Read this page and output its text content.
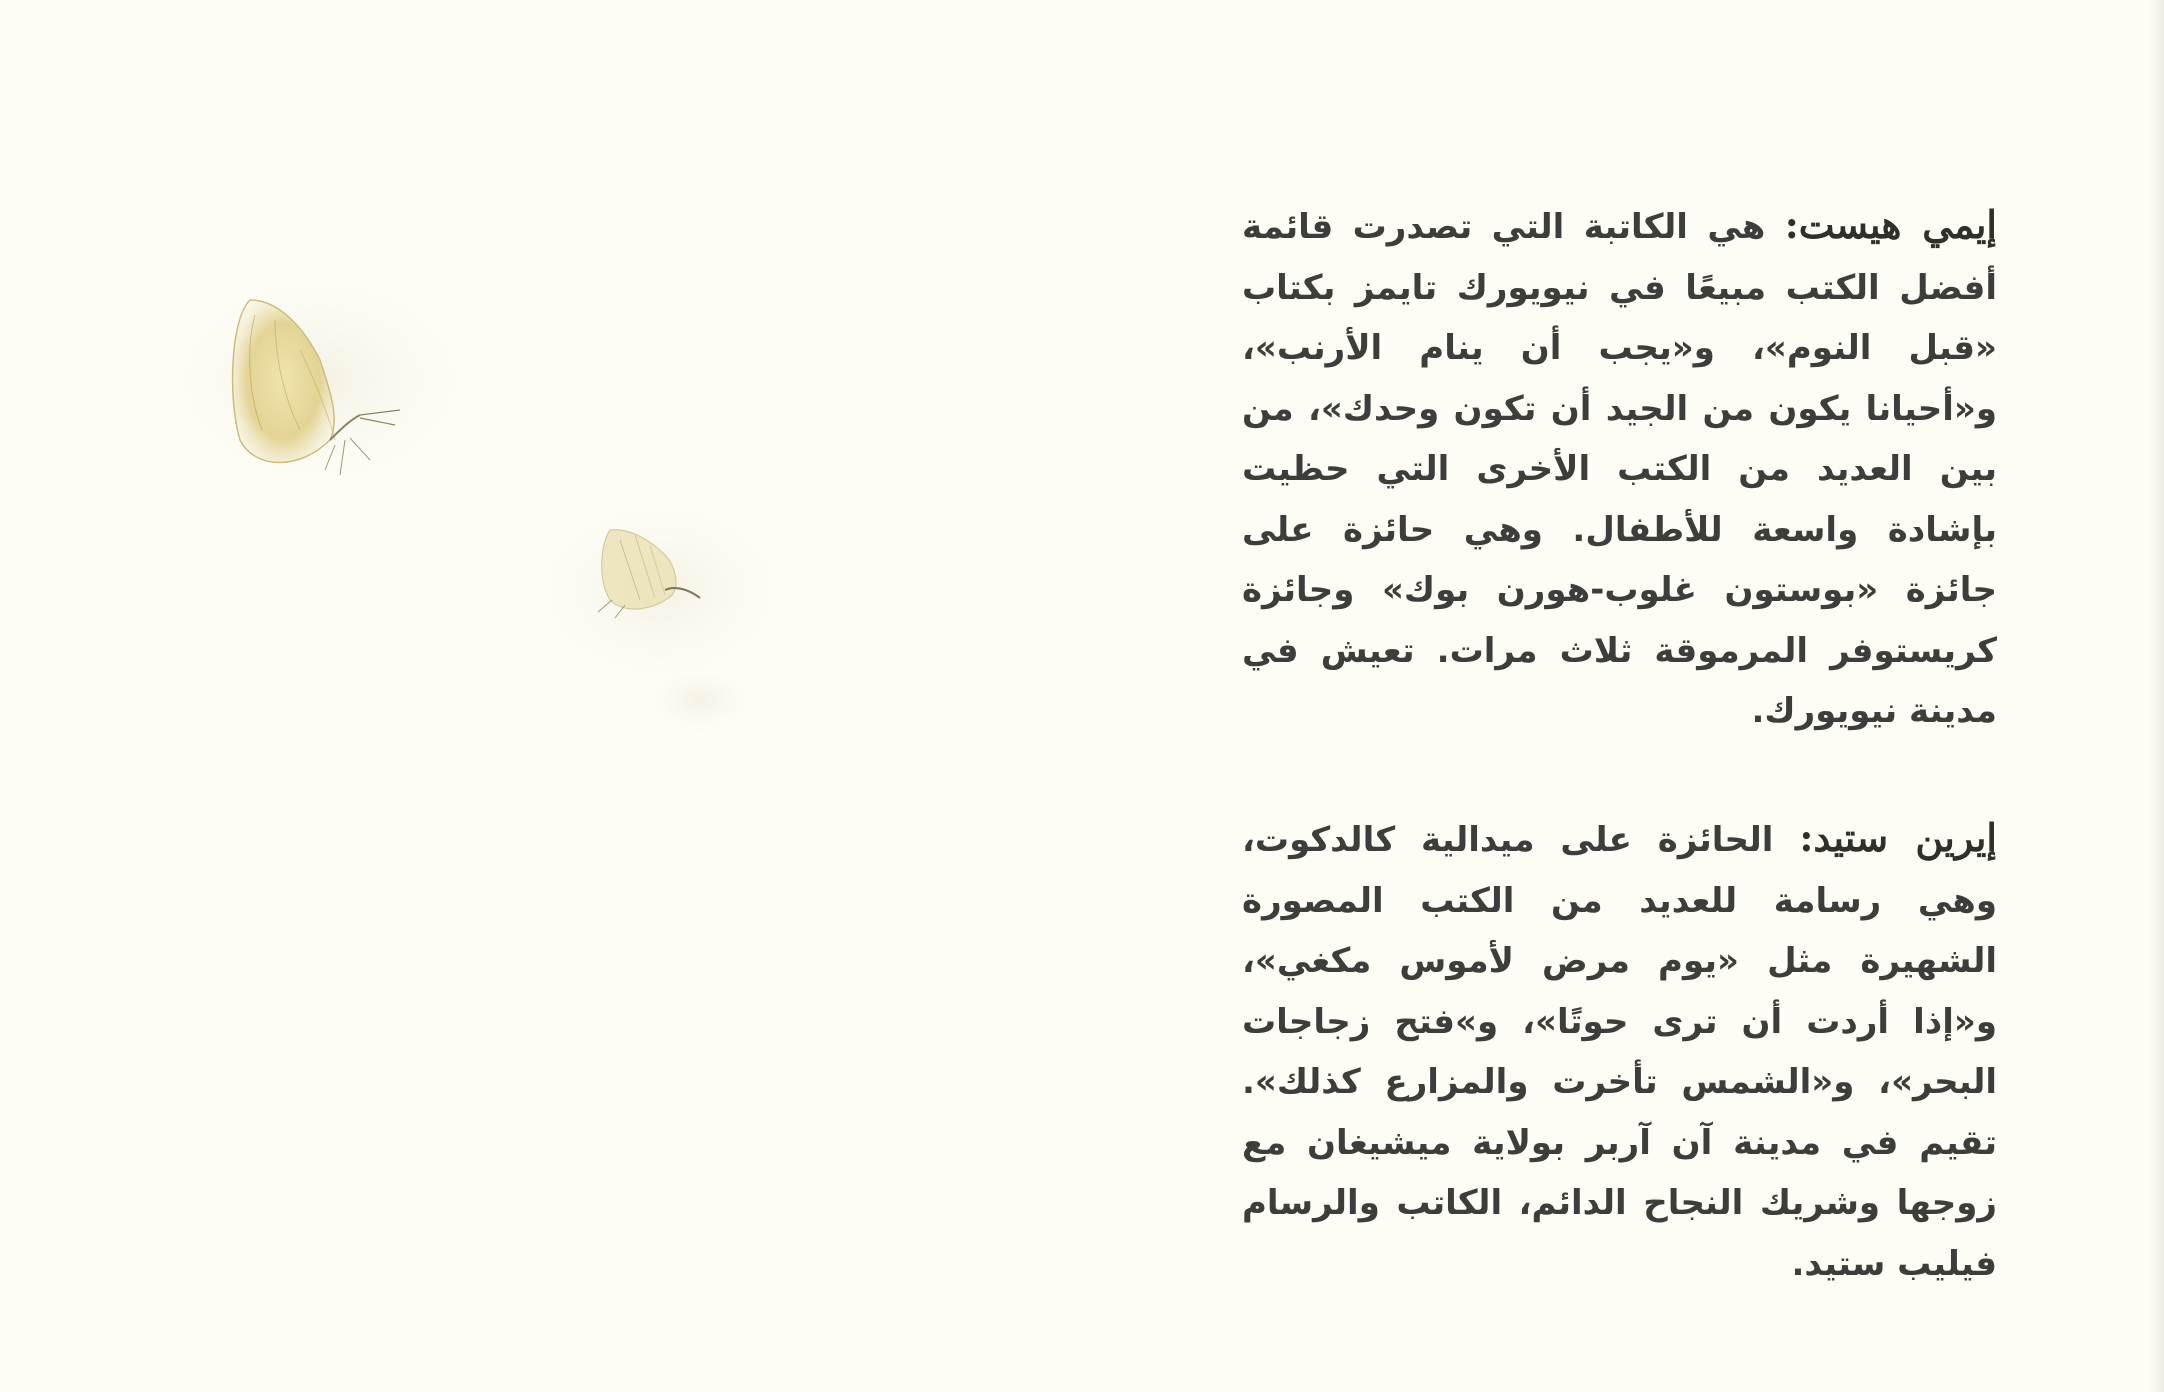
إيمي هيست: هي الكاتبة التي تصدرت قائمة أفضل الكتب مبيعًا في نيويورك تايمز بكتاب «قبل النوم»، و«يجب أن ينام الأرنب»، و«أحيانا يكون من الجيد أن تكون وحدك»، من بين العديد من الكتب الأخرى التي حظيت بإشادة واسعة للأطفال. وهي حائزة على جائزة «بوستون غلوب-هورن بوك» وجائزة كريستوفر المرموقة ثلاث مرات. تعيش في مدينة نيويورك.
إيرين ستيد: الحائزة على ميدالية كالدكوت، وهي رسامة للعديد من الكتب المصورة الشهيرة مثل «يوم مرض لأموس مكغي»، و«إذا أردت أن ترى حوتًا»، و»فتح زجاجات البحر»، و«الشمس تأخرت والمزارع كذلك». تقيم في مدينة آن آربر بولاية ميشيغان مع زوجها وشريك النجاح الدائم، الكاتب والرسام فيليب ستيد.
